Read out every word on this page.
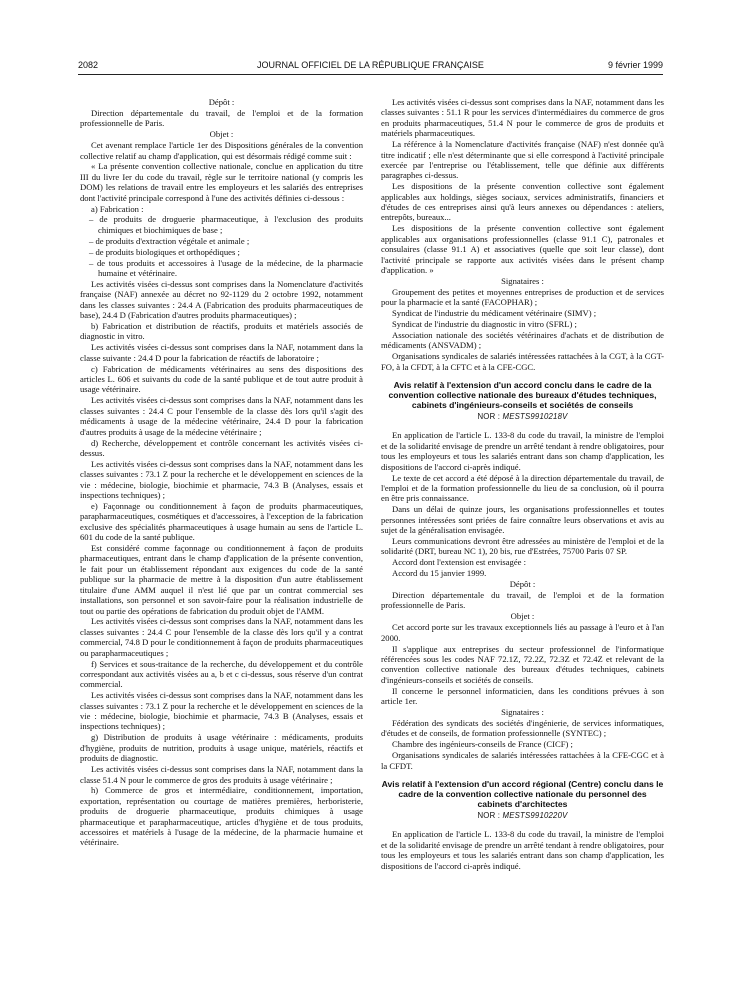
2082	JOURNAL OFFICIEL DE LA RÉPUBLIQUE FRANÇAISE	9 février 1999

Dépôt :

Direction départementale du travail, de l'emploi et de la formation professionnelle de Paris.

Objet :

Cet avenant remplace l'article 1er des Dispositions générales de la convention collective relatif au champ d'application, qui est désormais rédigé comme suit :

« La présente convention collective nationale, conclue en application du titre III du livre Ier du code du travail, règle sur le territoire national (y compris les DOM) les relations de travail entre les employeurs et les salariés des entreprises dont l'activité principale correspond à l'une des activités définies ci-dessous :

a) Fabrication :

– de produits de droguerie pharmaceutique, à l'exclusion des produits chimiques et biochimiques de base ;

– de produits d'extraction végétale et animale ;

– de produits biologiques et orthopédiques ;

– de tous produits et accessoires à l'usage de la médecine, de la pharmacie humaine et vétérinaire.

Les activités visées ci-dessus sont comprises dans la Nomenclature d'activités française (NAF) annexée au décret no 92-1129 du 2 octobre 1992, notamment dans les classes suivantes : 24.4 A (Fabrication des produits pharmaceutiques de base), 24.4 D (Fabrication d'autres produits pharmaceutiques) ;

b) Fabrication et distribution de réactifs, produits et matériels associés de diagnostic in vitro.

Les activités visées ci-dessus sont comprises dans la NAF, notamment dans la classe suivante : 24.4 D pour la fabrication de réactifs de laboratoire ;

c) Fabrication de médicaments vétérinaires au sens des dispositions des articles L. 606 et suivants du code de la santé publique et de tout autre produit à usage vétérinaire.

Les activités visées ci-dessus sont comprises dans la NAF, notamment dans les classes suivantes : 24.4 C pour l'ensemble de la classe dès lors qu'il s'agit des médicaments à usage de la médecine vétérinaire, 24.4 D pour la fabrication d'autres produits à usage de la médecine vétérinaire ;

d) Recherche, développement et contrôle concernant les activités visées ci-dessus.

Les activités visées ci-dessus sont comprises dans la NAF, notamment dans les classes suivantes : 73.1 Z pour la recherche et le développement en sciences de la vie : médecine, biologie, biochimie et pharmacie, 74.3 B (Analyses, essais et inspections techniques) ;

e) Façonnage ou conditionnement à façon de produits pharmaceutiques, parapharmaceutiques, cosmétiques et d'accessoires, à l'exception de la fabrication exclusive des spécialités pharmaceutiques à usage humain au sens de l'article L. 601 du code de la santé publique.

Est considéré comme façonnage ou conditionnement à façon de produits pharmaceutiques, entrant dans le champ d'application de la présente convention, le fait pour un établissement répondant aux exigences du code de la santé publique sur la pharmacie de mettre à la disposition d'un autre établissement titulaire d'une AMM auquel il n'est lié que par un contrat commercial ses installations, son personnel et son savoir-faire pour la réalisation industrielle de tout ou partie des opérations de fabrication du produit objet de l'AMM.

Les activités visées ci-dessus sont comprises dans la NAF, notamment dans les classes suivantes : 24.4 C pour l'ensemble de la classe dès lors qu'il y a contrat commercial, 74.8 D pour le conditionnement à façon de produits pharmaceutiques ou parapharmaceutiques ;

f) Services et sous-traitance de la recherche, du développement et du contrôle correspondant aux activités visées au a, b et c ci-dessus, sous réserve d'un contrat commercial.

Les activités visées ci-dessus sont comprises dans la NAF, notamment dans les classes suivantes : 73.1 Z pour la recherche et le développement en sciences de la vie : médecine, biologie, biochimie et pharmacie, 74.3 B (Analyses, essais et inspections techniques) ;

g) Distribution de produits à usage vétérinaire : médicaments, produits d'hygiène, produits de nutrition, produits à usage unique, matériels, réactifs et produits de diagnostic.

Les activités visées ci-dessus sont comprises dans la NAF, notamment dans la classe 51.4 N pour le commerce de gros des produits à usage vétérinaire ;

h) Commerce de gros et intermédiaire, conditionnement, importation, exportation, représentation ou courtage de matières premières, herboristerie, produits de droguerie pharmaceutique, produits chimiques à usage pharmaceutique et parapharmaceutique, articles d'hygiène et de tous produits, accessoires et matériels à l'usage de la médecine, de la pharmacie humaine et vétérinaire.

Les activités visées ci-dessus sont comprises dans la NAF, notamment dans les classes suivantes : 51.1 R pour les services d'intermédiaires du commerce de gros en produits pharmaceutiques, 51.4 N pour le commerce de gros de produits et matériels pharmaceutiques.

La référence à la Nomenclature d'activités française (NAF) n'est donnée qu'à titre indicatif ; elle n'est déterminante que si elle correspond à l'activité principale exercée par l'entreprise ou l'établissement, telle que définie aux différents paragraphes ci-dessus.

Les dispositions de la présente convention collective sont également applicables aux holdings, sièges sociaux, services administratifs, financiers et d'études de ces entreprises ainsi qu'à leurs annexes ou dépendances : ateliers, entrepôts, bureaux...

Les dispositions de la présente convention collective sont également applicables aux organisations professionnelles (classe 91.1 C), patronales et consulaires (classe 91.1 A) et associatives (quelle que soit leur classe), dont l'activité principale se rapporte aux activités visées dans le présent champ d'application. »

Signataires :

Groupement des petites et moyennes entreprises de production et de services pour la pharmacie et la santé (FACOPHAR) ;

Syndicat de l'industrie du médicament vétérinaire (SIMV) ;

Syndicat de l'industrie du diagnostic in vitro (SFRL) ;

Association nationale des sociétés vétérinaires d'achats et de distribution de médicaments (ANSVADM) ;

Organisations syndicales de salariés intéressées rattachées à la CGT, à la CGT-FO, à la CFDT, à la CFTC et à la CFE-CGC.

Avis relatif à l'extension d'un accord conclu dans le cadre de la convention collective nationale des bureaux d'études techniques, cabinets d'ingénieurs-conseils et sociétés de conseils
NOR : MESTS9910218V

En application de l'article L. 133-8 du code du travail, la ministre de l'emploi et de la solidarité envisage de prendre un arrêté tendant à rendre obligatoires, pour tous les employeurs et tous les salariés entrant dans son champ d'application, les dispositions de l'accord ci-après indiqué.

Le texte de cet accord a été déposé à la direction départementale du travail, de l'emploi et de la formation professionnelle du lieu de sa conclusion, où il pourra en être pris connaissance.

Dans un délai de quinze jours, les organisations professionnelles et toutes personnes intéressées sont priées de faire connaître leurs observations et avis au sujet de la généralisation envisagée.

Leurs communications devront être adressées au ministère de l'emploi et de la solidarité (DRT, bureau NC 1), 20 bis, rue d'Estrées, 75700 Paris 07 SP.

Accord dont l'extension est envisagée :

Accord du 15 janvier 1999.

Dépôt :

Direction départementale du travail, de l'emploi et de la formation professionnelle de Paris.

Objet :

Cet accord porte sur les travaux exceptionnels liés au passage à l'euro et à l'an 2000.

Il s'applique aux entreprises du secteur professionnel de l'informatique référencées sous les codes NAF 72.1Z, 72.2Z, 72.3Z et 72.4Z et relevant de la convention collective nationale des bureaux d'études techniques, cabinets d'ingénieurs-conseils et sociétés de conseils.

Il concerne le personnel informaticien, dans les conditions prévues à son article 1er.

Signataires :

Fédération des syndicats des sociétés d'ingénierie, de services informatiques, d'études et de conseils, de formation professionnelle (SYNTEC) ;

Chambre des ingénieurs-conseils de France (CICF) ;

Organisations syndicales de salariés intéressées rattachées à la CFE-CGC et à la CFDT.

Avis relatif à l'extension d'un accord régional (Centre) conclu dans le cadre de la convention collective nationale du personnel des cabinets d'architectes
NOR : MESTS9910220V

En application de l'article L. 133-8 du code du travail, la ministre de l'emploi et de la solidarité envisage de prendre un arrêté tendant à rendre obligatoires, pour tous les employeurs et tous les salariés entrant dans son champ d'application, les dispositions de l'accord ci-après indiqué.
